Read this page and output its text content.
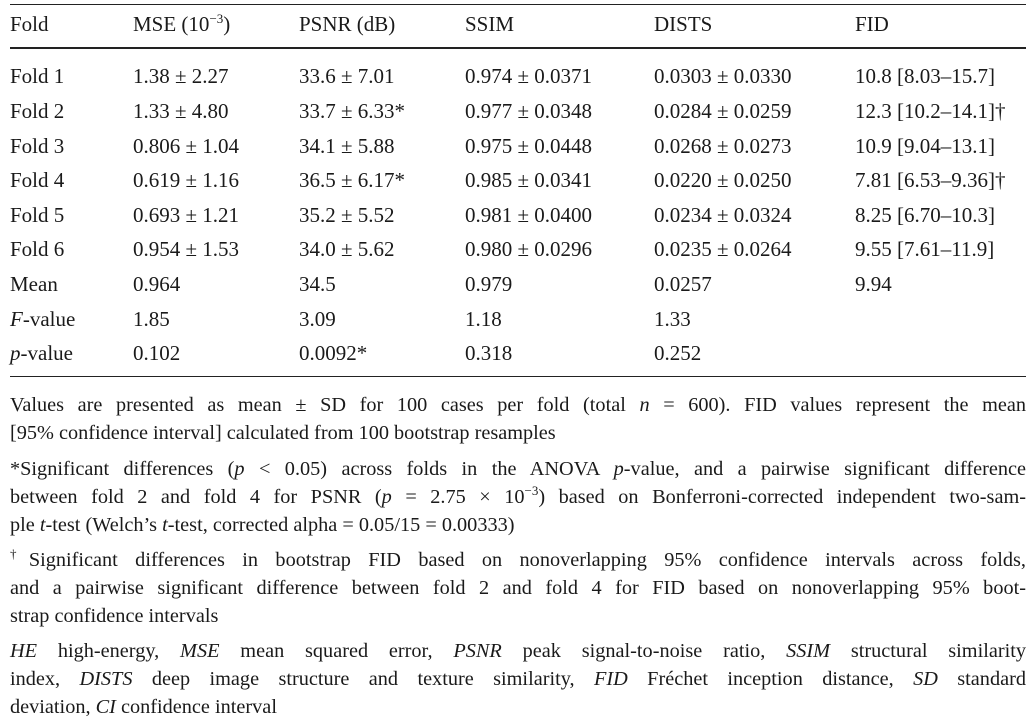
Fold	MSE $(10^{-3})$	PSNR (dB)	SSIM	DISTS	FID
Fold 1	1.38 ± 2.27	33.6 ± 7.01	0.974 ± 0.0371	0.0303 ± 0.0330	10.8 [8.03–15.7]
Fold 2	1.33 ± 4.80	33.7 ± 6.33*	0.977 ± 0.0348	0.0284 ± 0.0259	12.3 [10.2–14.1]†
Fold 3	0.806 ± 1.04	34.1 ± 5.88	0.975 ± 0.0448	0.0268 ± 0.0273	10.9 [9.04–13.1]
Fold 4	0.619 ± 1.16	36.5 ± 6.17*	0.985 ± 0.0341	0.0220 ± 0.0250	7.81 [6.53–9.36]†
Fold 5	0.693 ± 1.21	35.2 ± 5.52	0.981 ± 0.0400	0.0234 ± 0.0324	8.25 [6.70–10.3]
Fold 6	0.954 ± 1.53	34.0 ± 5.62	0.980 ± 0.0296	0.0235 ± 0.0264	9.55 [7.61–11.9]
Mean	0.964	34.5	0.979	0.0257	9.94
F-value	1.85	3.09	1.18	1.33
p-value	0.102	0.0092*	0.318	0.252
Values are presented as mean ± SD for 100 cases per fold (total n = 600). FID values represent the mean
[95% confidence interval] calculated from 100 bootstrap resamples
*Significant differences (p < 0.05) across folds in the ANOVA p-value, and a pairwise significant difference
between fold 2 and fold 4 for PSNR $(p = 2.75 \times 10^{-3})$ based on Bonferroni-corrected independent two-sam-
ple t-test (Welch’s t-test, corrected alpha = 0.05/15 = 0.00333)
†Significant differences in bootstrap FID based on nonoverlapping 95% confidence intervals across folds,
and a pairwise significant difference between fold 2 and fold 4 for FID based on nonoverlapping 95% boot-
strap confidence intervals
HE high-energy, MSE mean squared error, PSNR peak signal-to-noise ratio, SSIM structural similarity
index, DISTS deep image structure and texture similarity, FID Fréchet inception distance, SD standard
deviation, CI confidence interval
